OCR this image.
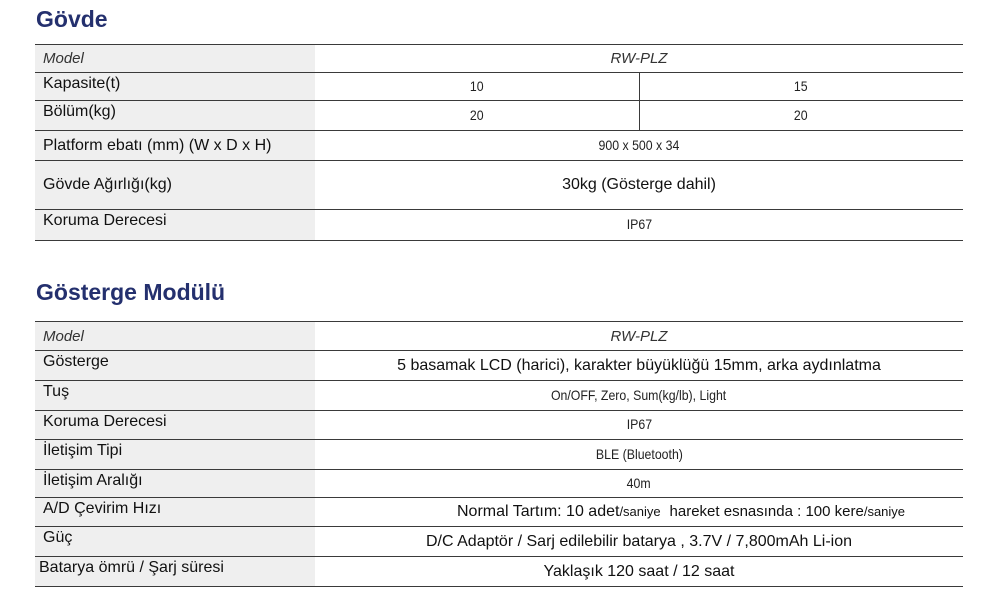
Gövde
Model	RW-PLZ	
Kapasite(t)	10	15
Bölüm(kg)	20	20
Platform ebatı (mm) (W x D x H)	900 x 500 x 34	
Gövde Ağırlığı(kg)	30kg (Gösterge dahil)	
Koruma Derecesi	IP67	
Gösterge Modülü
Model	RW-PLZ
Gösterge	5 basamak LCD (harici), karakter büyüklüğü 15mm, arka aydınlatma
Tuş	On/OFF, Zero, Sum(kg/lb), Light
Koruma Derecesi	IP67
İletişim Tipi	BLE (Bluetooth)
İletişim Aralığı	40m
A/D Çevirim Hızı	Normal Tartım: 10 adet/saniye hareket esnasında : 100 kere/saniye
Güç	D/C Adaptör / Sarj edilebilir batarya , 3.7V / 7,800mAh Li-ion
Batarya ömrü / Şarj süresi	Yaklaşık 120 saat / 12 saat
